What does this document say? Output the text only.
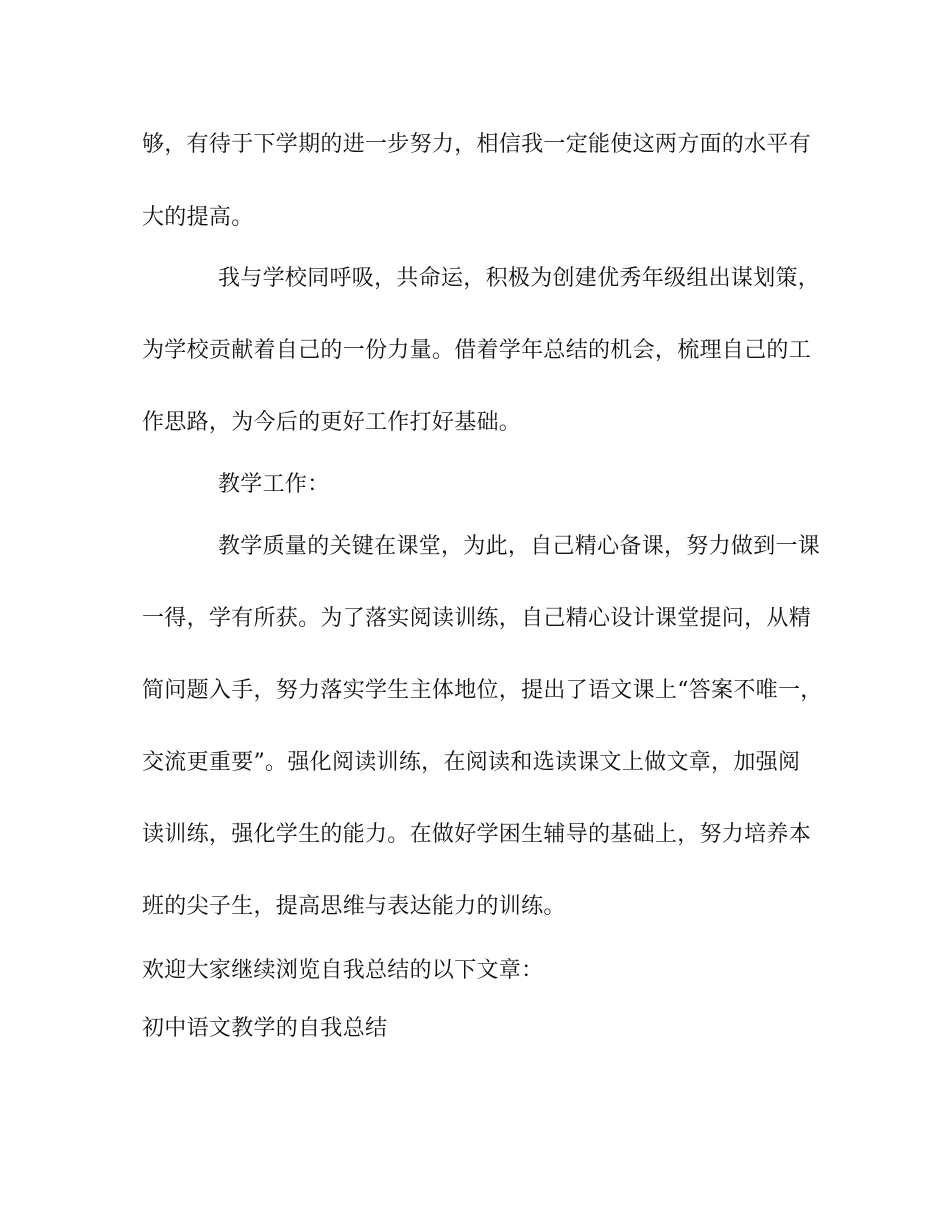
够，有待于下学期的进一步努力，相信我一定能使这两方面的水平有
大的提高。
我与学校同呼吸，共命运，积极为创建优秀年级组出谋划策，
为学校贡献着自己的一份力量。借着学年总结的机会，梳理自己的工
作思路，为今后的更好工作打好基础。
教学工作：
教学质量的关键在课堂，为此，自己精心备课，努力做到一课
一得，学有所获。为了落实阅读训练，自己精心设计课堂提问，从精
简问题入手，努力落实学生主体地位，提出了语文课上“答案不唯一，
交流更重要”。强化阅读训练，在阅读和选读课文上做文章，加强阅
读训练，强化学生的能力。在做好学困生辅导的基础上，努力培养本
班的尖子生，提高思维与表达能力的训练。
欢迎大家继续浏览自我总结的以下文章：
初中语文教学的自我总结
